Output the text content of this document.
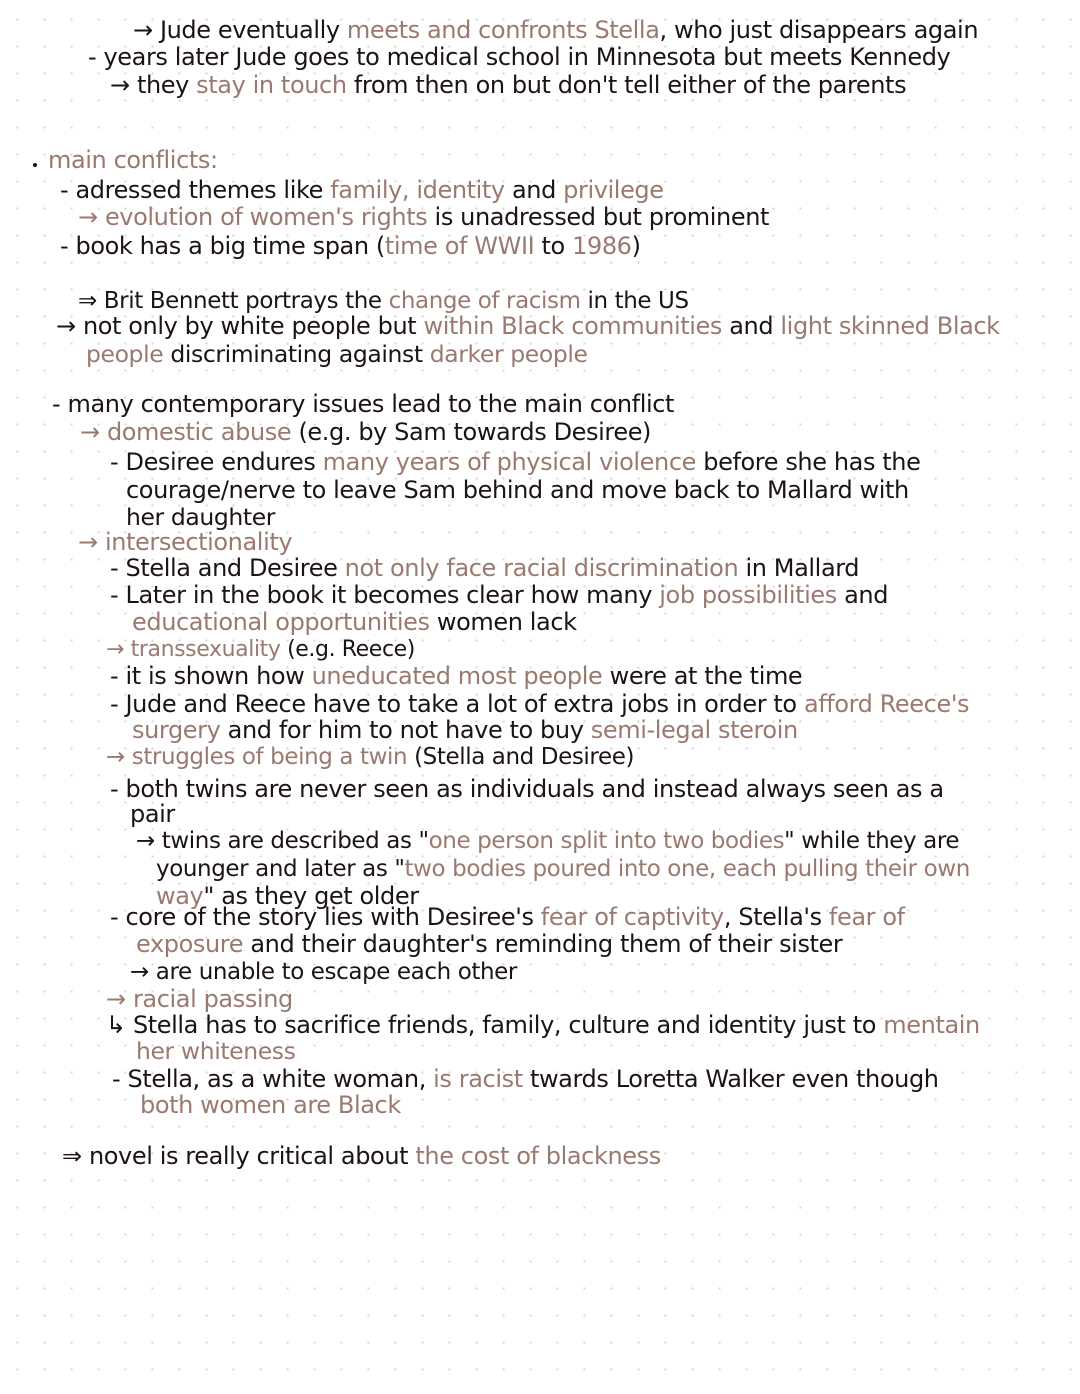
→ Jude eventually meets and confronts Stella, who just disappears again
- years later Jude goes to medical school in Minnesota but meets Kennedy
→ they stay in touch from then on but don't tell either of the parents
main conflicts:
- adressed themes like family, identity and privilege
→ evolution of women's rights is unadressed but prominent
- book has a big time span (time of WWII to 1986)
⇒ Brit Bennett portrays the change of racism in the US
→ not only by white people but within Black communities and light skinned Black
people discriminating against darker people
- many contemporary issues lead to the main conflict
→ domestic abuse (e.g. by Sam towards Desiree)
- Desiree endures many years of physical violence before she has the
courage/nerve to leave Sam behind and move back to Mallard with
her daughter
→ intersectionality
- Stella and Desiree not only face racial discrimination in Mallard
- Later in the book it becomes clear how many job possibilities and
educational opportunities women lack
→ transsexuality (e.g. Reece)
- it is shown how uneducated most people were at the time
- Jude and Reece have to take a lot of extra jobs in order to afford Reece's
surgery and for him to not have to buy semi-legal steroin
→ struggles of being a twin (Stella and Desiree)
- both twins are never seen as individuals and instead always seen as a
pair
→ twins are described as "one person split into two bodies" while they are
younger and later as "two bodies poured into one, each pulling their own
way" as they get older
- core of the story lies with Desiree's fear of captivity, Stella's fear of
exposure and their daughter's reminding them of their sister
→ are unable to escape each other
→ racial passing
↳ Stella has to sacrifice friends, family, culture and identity just to mentain
her whiteness
- Stella, as a white woman, is racist twards Loretta Walker even though
both women are Black
⇒ novel is really critical about the cost of blackness
